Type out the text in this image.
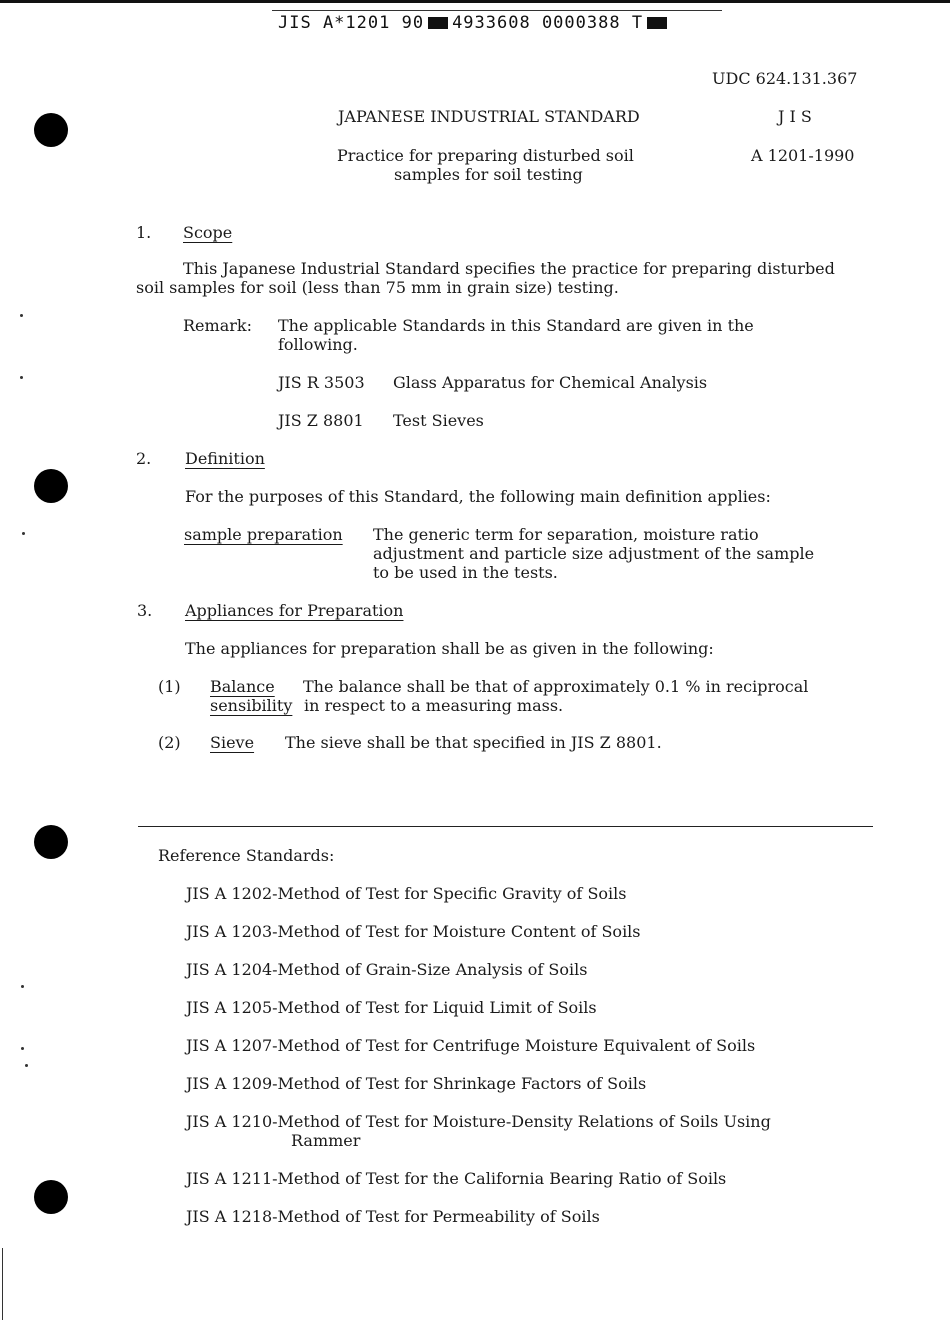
JIS A*1201 90 4933608 0000388 T
UDC 624.131.367
JAPANESE INDUSTRIAL STANDARD	J I S
Practice for preparing disturbed soil
samples for soil testing
A 1201-1990
1. Scope
This Japanese Industrial Standard specifies the practice for preparing disturbed
soil samples for soil (less than 75 mm in grain size) testing.
Remark: The applicable Standards in this Standard are given in the
following.
JIS R 3503 Glass Apparatus for Chemical Analysis
JIS Z 8801 Test Sieves
2. Definition
For the purposes of this Standard, the following main definition applies:
sample preparation The generic term for separation, moisture ratio
adjustment and particle size adjustment of the sample
to be used in the tests.
3. Appliances for Preparation
The appliances for preparation shall be as given in the following:
(1) Balance The balance shall be that of approximately 0.1 % in reciprocal
sensibility in respect to a measuring mass.
(2) Sieve The sieve shall be that specified in JIS Z 8801.
Reference Standards:
JIS A 1202-Method of Test for Specific Gravity of Soils
JIS A 1203-Method of Test for Moisture Content of Soils
JIS A 1204-Method of Grain-Size Analysis of Soils
JIS A 1205-Method of Test for Liquid Limit of Soils
JIS A 1207-Method of Test for Centrifuge Moisture Equivalent of Soils
JIS A 1209-Method of Test for Shrinkage Factors of Soils
JIS A 1210-Method of Test for Moisture-Density Relations of Soils Using
Rammer
JIS A 1211-Method of Test for the California Bearing Ratio of Soils
JIS A 1218-Method of Test for Permeability of Soils
